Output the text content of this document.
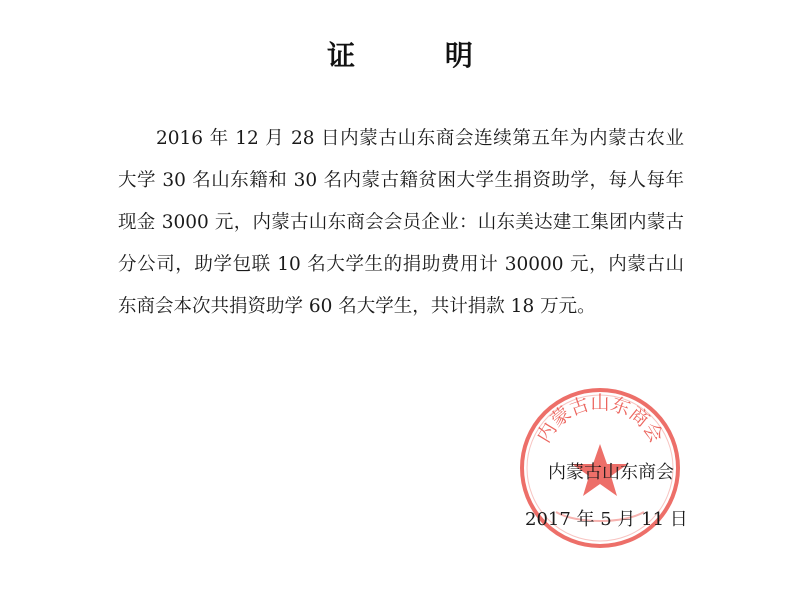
证 明
2016 年 12 月 28 日内蒙古山东商会连续第五年为内蒙古农业大学 30 名山东籍和 30 名内蒙古籍贫困大学生捐资助学，每人每年现金 3000 元，内蒙古山东商会会员企业：山东美达建工集团内蒙古分公司，助学包联 10 名大学生的捐助费用计 30000 元，内蒙古山东商会本次共捐资助学 60 名大学生，共计捐款 18 万元。
内蒙古山东商会
内蒙古山东商会
2017 年 5 月 11 日
